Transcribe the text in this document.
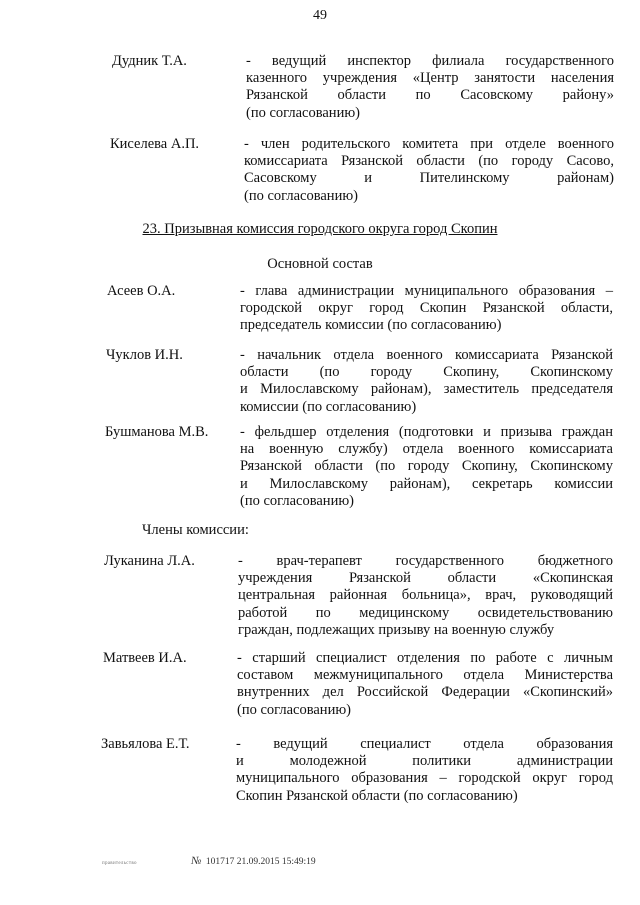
49
Дудник Т.А.	- ведущий инспектор филиала государственного
казенного учреждения «Центр занятости населения
Рязанской области по Сасовскому району»
(по согласованию)
Киселева А.П.	- член родительского комитета при отделе военного
комиссариата Рязанской области (по городу Сасово,
Сасовскому и Пителинскому районам)
(по согласованию)
23. Призывная комиссия городского округа город Скопин
Основной состав
Асеев О.А.	- глава администрации муниципального образования –
городской округ город Скопин Рязанской области,
председатель комиссии (по согласованию)
Чуклов И.Н.	- начальник отдела военного комиссариата Рязанской
области (по городу Скопину, Скопинскому
и Милославскому районам), заместитель председателя
комиссии (по согласованию)
Бушманова М.В. - фельдшер отделения (подготовки и призыва граждан
на военную службу) отдела военного комиссариата
Рязанской области (по городу Скопину, Скопинскому
и Милославскому районам), секретарь комиссии
(по согласованию)
Члены комиссии:
Луканина Л.А.	- врач-терапевт государственного бюджетного
учреждения Рязанской области «Скопинская
центральная районная больница», врач, руководящий
работой по медицинскому освидетельствованию
граждан, подлежащих призыву на военную службу
Матвеев И.А.	- старший специалист отделения по работе с личным
составом межмуниципального отдела Министерства
внутренних дел Российской Федерации «Скопинский»
(по согласованию)
Завьялова Е.Т.	- ведущий специалист отдела образования
и молодежной политики администрации
муниципального образования – городской округ город
Скопин Рязанской области (по согласованию)
правительство	№ 101717 21.09.2015 15:49:19
